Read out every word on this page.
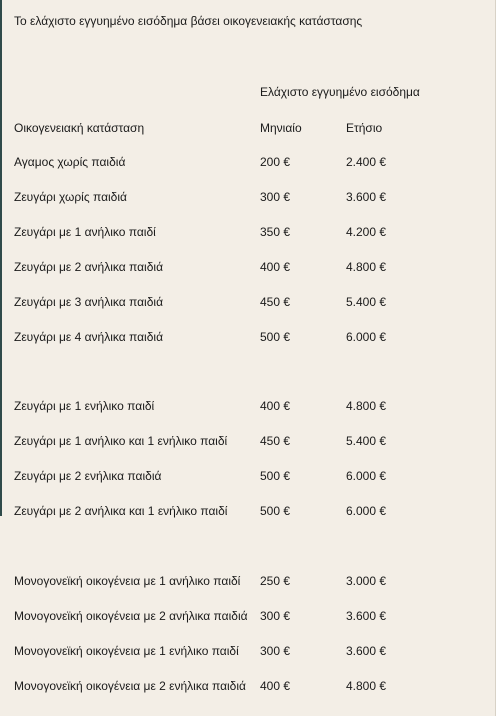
Το ελάχιστο εγγυημένο εισόδημα βάσει οικογενειακής κατάστασης
Ελάχιστο εγγυημένο εισόδημα
Οικογενειακή κατάσταση	Μηνιαίο	Ετήσιο
Αγαμος χωρίς παιδιά	200 €	2.400 €
Ζευγάρι χωρίς παιδιά	300 €	3.600 €
Ζευγάρι με 1 ανήλικο παιδί	350 €	4.200 €
Ζευγάρι με 2 ανήλικα παιδιά	400 €	4.800 €
Ζευγάρι με 3 ανήλικα παιδιά	450 €	5.400 €
Ζευγάρι με 4 ανήλικα παιδιά	500 €	6.000 €
Ζευγάρι με 1 ενήλικο παιδί	400 €	4.800 €
Ζευγάρι με 1 ανήλικο και 1 ενήλικο παιδί	450 €	5.400 €
Ζευγάρι με 2 ενήλικα παιδιά	500 €	6.000 €
Ζευγάρι με 2 ανήλικα και 1 ενήλικο παιδί	500 €	6.000 €
Μονογονεϊκή οικογένεια με 1 ανήλικο παιδί 250 €	3.000 €
Μονογονεϊκή οικογένεια με 2 ανήλικα παιδιά 300 €	3.600 €
Μονογονεϊκή οικογένεια με 1 ενήλικο παιδί 300 €	3.600 €
Μονογονεϊκή οικογένεια με 2 ενήλικα παιδιά 400 €	4.800 €
